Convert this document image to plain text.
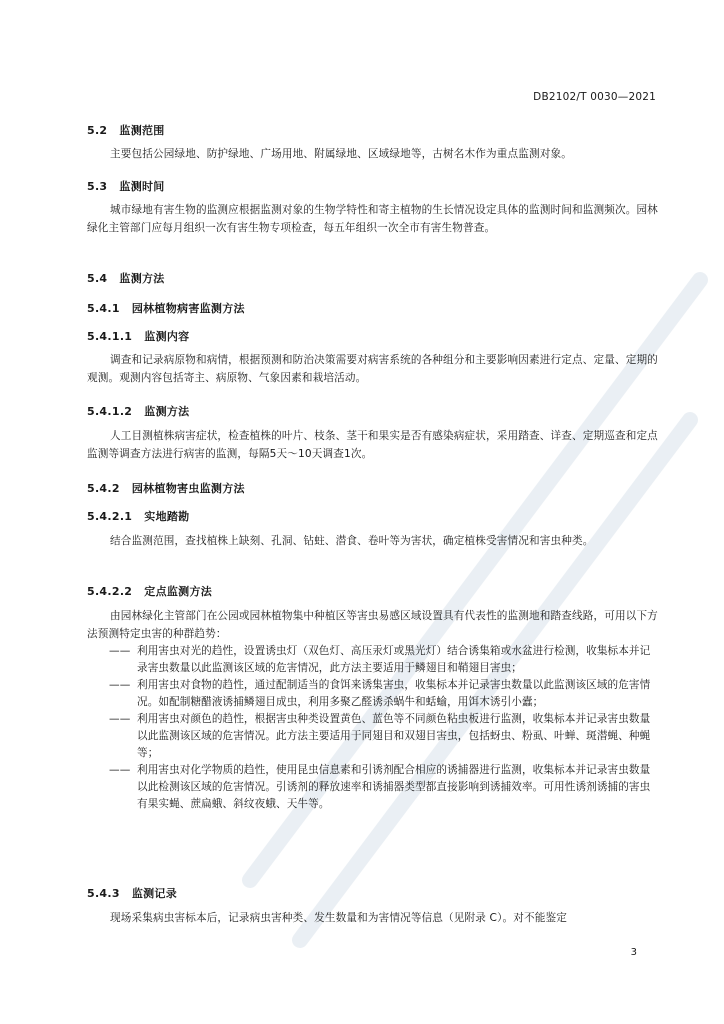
DB2102/T 0030—2021
5.2 监测范围

主要包括公园绿地、防护绿地、广场用地、附属绿地、区域绿地等，古树名木作为重点监测对象。

5.3 监测时间

城市绿地有害生物的监测应根据监测对象的生物学特性和寄主植物的生长情况设定具体的监测时间和监测频次。园林绿化主管部门应每月组织一次有害生物专项检查，每五年组织一次全市有害生物普查。

5.4 监测方法
5.4.1 园林植物病害监测方法
5.4.1.1 监测内容

调查和记录病原物和病情，根据预测和防治决策需要对病害系统的各种组分和主要影响因素进行定点、定量、定期的观测。观测内容包括寄主、病原物、气象因素和栽培活动。

5.4.1.2 监测方法

人工目测植株病害症状，检查植株的叶片、枝条、茎干和果实是否有感染病症状，采用踏查、详查、定期巡查和定点监测等调查方法进行病害的监测，每隔5天～10天调查1次。

5.4.2 园林植物害虫监测方法
5.4.2.1 实地踏勘

结合监测范围，查找植株上缺刻、孔洞、钻蛀、潜食、卷叶等为害状，确定植株受害情况和害虫种类。

5.4.2.2 定点监测方法

由园林绿化主管部门在公园或园林植物集中种植区等害虫易感区域设置具有代表性的监测地和踏查线路，可用以下方法预测特定虫害的种群趋势：

—— 利用害虫对光的趋性，设置诱虫灯（双色灯、高压汞灯或黑光灯）结合诱集箱或水盆进行检测，收集标本并记录害虫数量以此监测该区域的危害情况，此方法主要适用于鳞翅目和鞘翅目害虫；
—— 利用害虫对食物的趋性，通过配制适当的食饵来诱集害虫，收集标本并记录害虫数量以此监测该区域的危害情况。如配制糖醋液诱捕鳞翅目成虫，利用多聚乙醛诱杀蜗牛和蛞蝓，用饵木诱引小蠹；
—— 利用害虫对颜色的趋性，根据害虫种类设置黄色、蓝色等不同颜色粘虫板进行监测，收集标本并记录害虫数量以此监测该区域的危害情况。此方法主要适用于同翅目和双翅目害虫，包括蚜虫、粉虱、叶蝉、斑潜蝇、种蝇等；
—— 利用害虫对化学物质的趋性，使用昆虫信息素和引诱剂配合相应的诱捕器进行监测，收集标本并记录害虫数量以此检测该区域的危害情况。引诱剂的释放速率和诱捕器类型都直接影响到诱捕效率。可用性诱剂诱捕的害虫有果实蝇、蔗扁蛾、斜纹夜蛾、天牛等。
5.4.3 监测记录

现场采集病虫害标本后，记录病虫害种类、发生数量和为害情况等信息（见附录 C）。对不能鉴定

3
